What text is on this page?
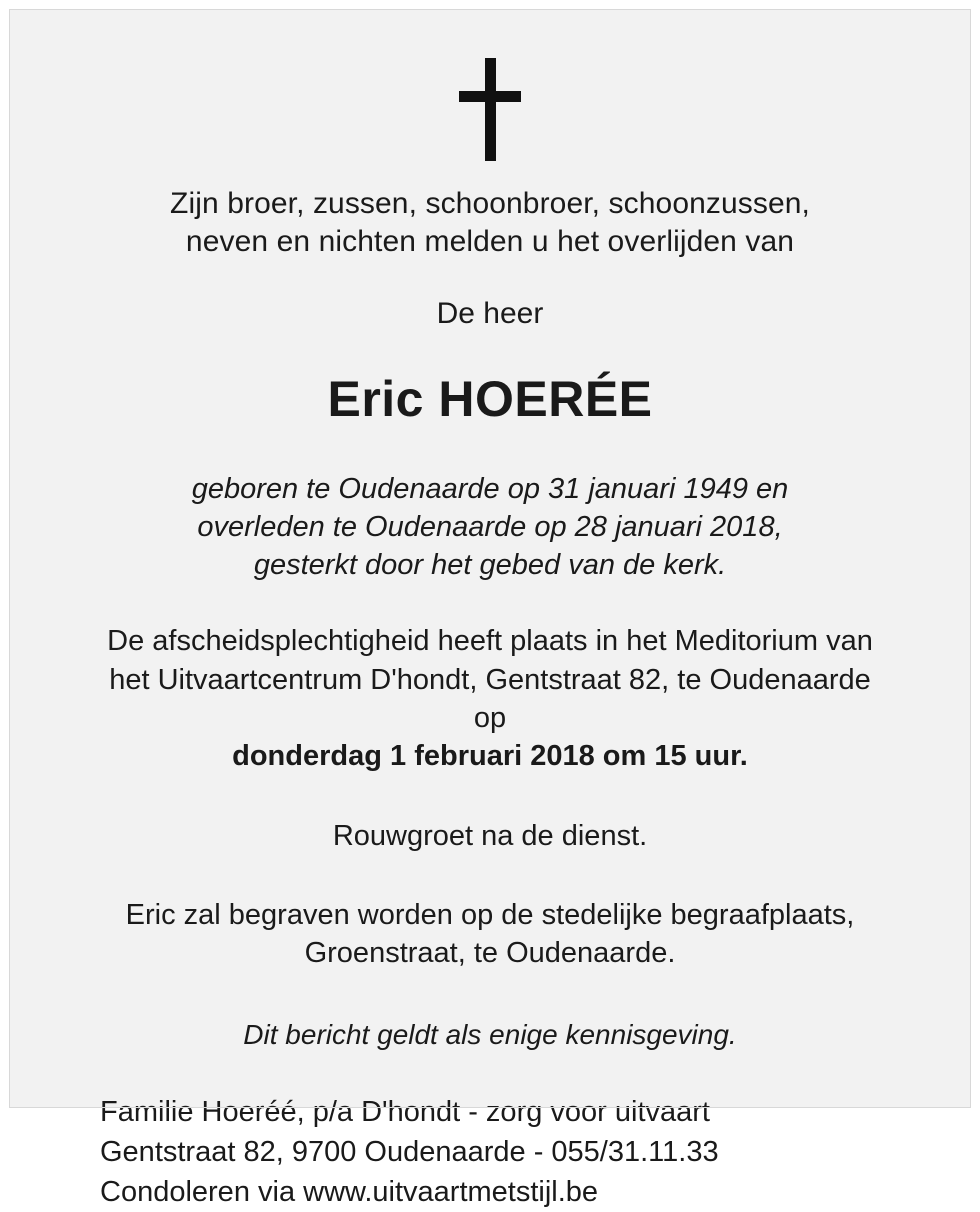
Zijn broer, zussen, schoonbroer, schoonzussen,
neven en nichten melden u het overlijden van
De heer
Eric HOERÉE
geboren te Oudenaarde op 31 januari 1949 en
overleden te Oudenaarde op 28 januari 2018,
gesterkt door het gebed van de kerk.
De afscheidsplechtigheid heeft plaats in het Meditorium van
het Uitvaartcentrum D'hondt, Gentstraat 82, te Oudenaarde
op
donderdag 1 februari 2018 om 15 uur.
Rouwgroet na de dienst.
Eric zal begraven worden op de stedelijke begraafplaats,
Groenstraat, te Oudenaarde.
Dit bericht geldt als enige kennisgeving.
Familie Hoeréé, p/a D'hondt - zorg voor uitvaart
Gentstraat 82, 9700 Oudenaarde - 055/31.11.33
Condoleren via www.uitvaartmetstijl.be
